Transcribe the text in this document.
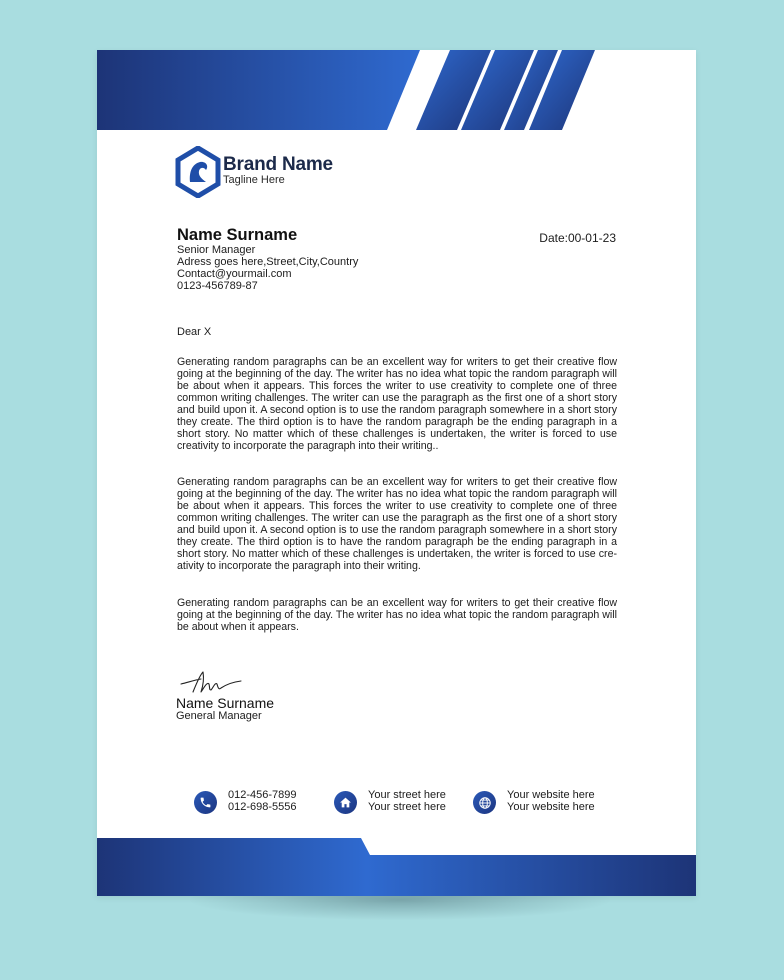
Brand Name
Tagline Here
Name Surname
Senior Manager
Adress goes here,Street,City,Country
Contact@yourmail.com
0123-456789-87
Date:00-01-23
Dear X

Generating random paragraphs can be an excellent way for writers to get their creative flow going at the beginning of the day. The writer has no idea what topic the random paragraph will be about when it appears. This forces the writer to use creativity to complete one of three common writing challenges. The writer can use the paragraph as the first one of a short story and build upon it. A second option is to use the random paragraph somewhere in a short story they create. The third option is to have the random paragraph be the ending paragraph in a short story. No matter which of these challenges is undertaken, the writer is forced to use creativity to incorporate the paragraph into their writing..

Generating random paragraphs can be an excellent way for writers to get their creative flow going at the beginning of the day. The writer has no idea what topic the random paragraph will be about when it appears. This forces the writer to use creativity to complete one of three common writing challenges. The writer can use the paragraph as the first one of a short story and build upon it. A second option is to use the random paragraph somewhere in a short story they create. The third option is to have the random paragraph be the ending paragraph in a short story. No matter which of these challenges is undertaken, the writer is forced to use cre- ativity to incorporate the paragraph into their writing.

Generating random paragraphs can be an excellent way for writers to get their creative flow going at the beginning of the day. The writer has no idea what topic the random paragraph will be about when it appears.

Name Surname
General Manager
012-456-7899
012-698-5556
Your street here
Your street here
Your website here
Your website here
